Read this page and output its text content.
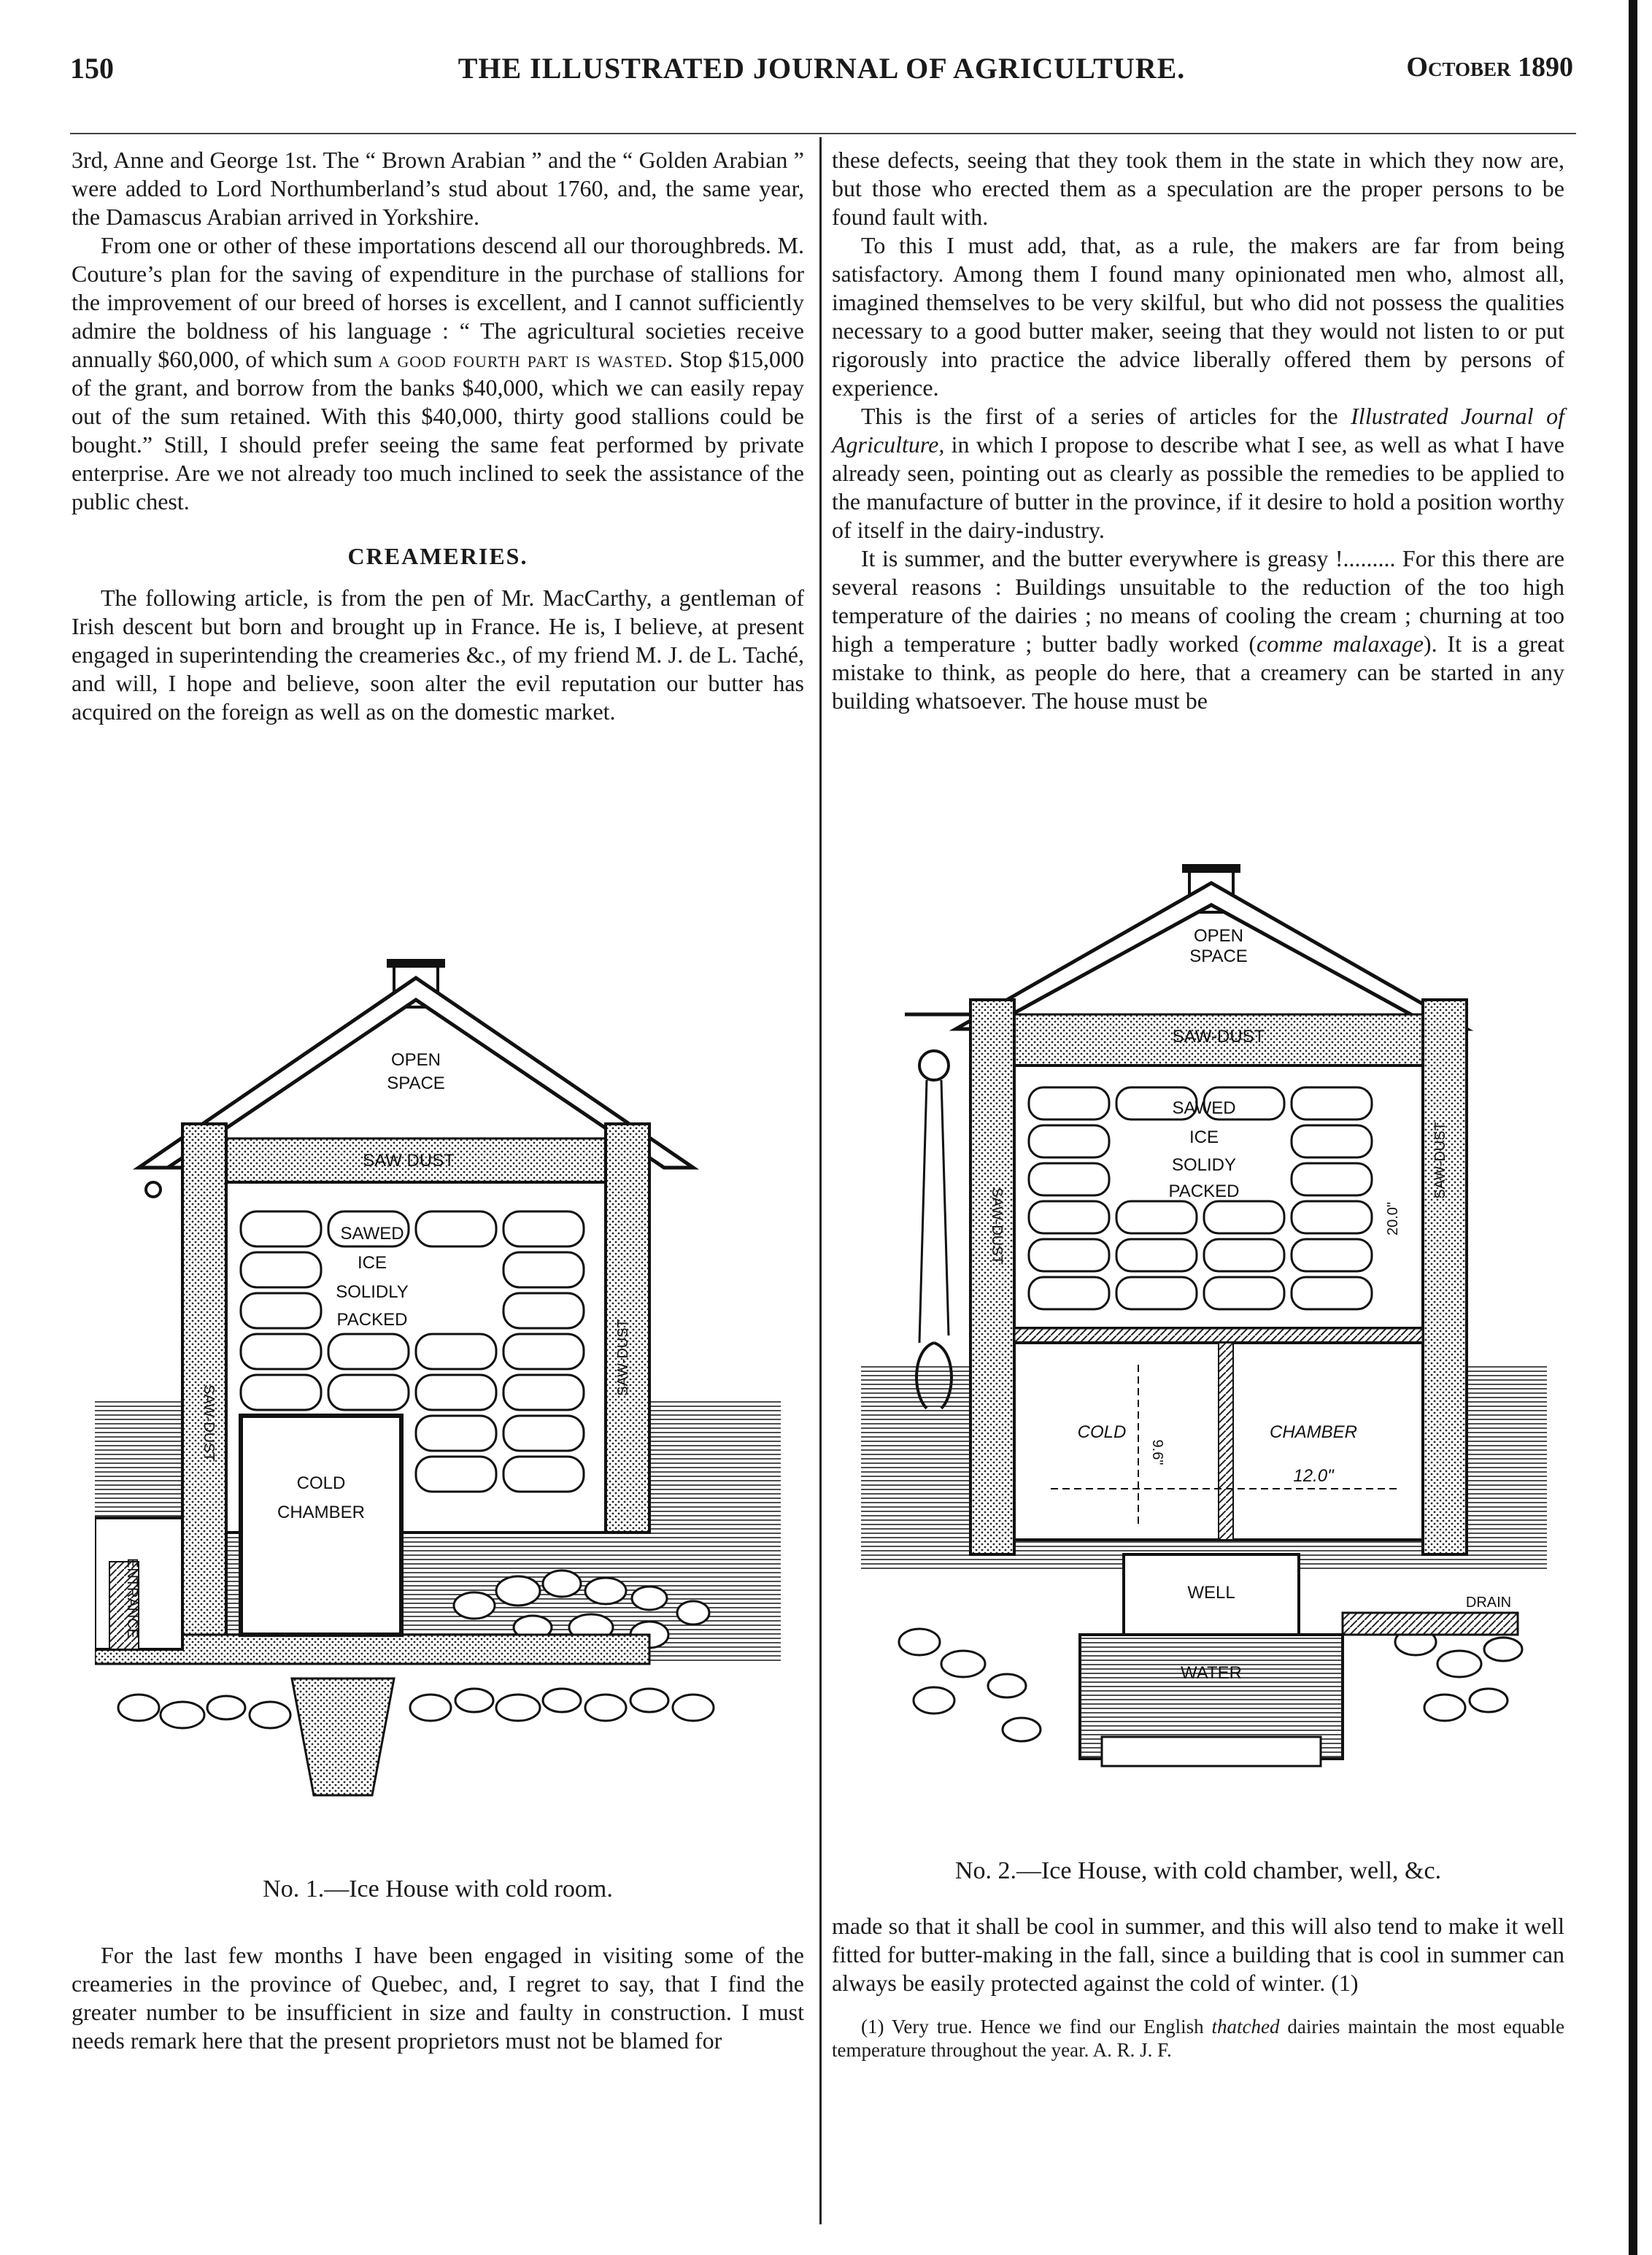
150	THE ILLUSTRATED JOURNAL OF AGRICULTURE.	October 1890

3rd, Anne and George 1st. The “ Brown Arabian ” and the “ Golden Arabian ” were added to Lord Northumberland’s stud about 1760, and, the same year, the Damascus Arabian arrived in Yorkshire.

From one or other of these importations descend all our thoroughbreds. M. Couture’s plan for the saving of expenditure in the purchase of stallions for the improvement of our breed of horses is excellent, and I cannot sufficiently admire the boldness of his language : “ The agricultural societies receive annually $60,000, of which sum a good fourth part is wasted. Stop $15,000 of the grant, and borrow from the banks $40,000, which we can easily repay out of the sum retained. With this $40,000, thirty good stallions could be bought.” Still, I should prefer seeing the same feat performed by private enterprise. Are we not already too much inclined to seek the assistance of the public chest.

CREAMERIES.

The following article, is from the pen of Mr. MacCarthy, a gentleman of Irish descent but born and brought up in France. He is, I believe, at present engaged in superintending the creameries &c., of my friend M. J. de L. Taché, and will, I hope and believe, soon alter the evil reputation our butter has acquired on the foreign as well as on the domestic market.

OPEN
SPACE
SAW DUST
SAWED
ICE
SOLIDLY
PACKED
COLD
CHAMBER
ENTRANCE
SAW-DUST
SAW-DUST
No. 1.—Ice House with cold room.

For the last few months I have been engaged in visiting some of the creameries in the province of Quebec, and, I regret to say, that I find the greater number to be insufficient in size and faulty in construction. I must needs remark here that the present proprietors must not be blamed for

these defects, seeing that they took them in the state in which they now are, but those who erected them as a speculation are the proper persons to be found fault with.

To this I must add, that, as a rule, the makers are far from being satisfactory. Among them I found many opinionated men who, almost all, imagined themselves to be very skilful, but who did not possess the qualities necessary to a good butter maker, seeing that they would not listen to or put rigorously into practice the advice liberally offered them by persons of experience.

This is the first of a series of articles for the Illustrated Journal of Agriculture, in which I propose to describe what I see, as well as what I have already seen, pointing out as clearly as possible the remedies to be applied to the manufacture of butter in the province, if it desire to hold a position worthy of itself in the dairy-industry.

It is summer, and the butter everywhere is greasy !......... For this there are several reasons : Buildings unsuitable to the reduction of the too high temperature of the dairies ; no means of cooling the cream ; churning at too high a temperature ; butter badly worked (comme malaxage). It is a great mistake to think, as people do here, that a creamery can be started in any building whatsoever. The house must be

OPEN
SPACE
SAW-DUST
SAWED
ICE
SOLIDY
PACKED
SAW-DUST	20.0"
SAW-DUST
COLD	CHAMBER
12.0"
9.6"
WELL
WATER
DRAIN
No. 2.—Ice House, with cold chamber, well, &c.

made so that it shall be cool in summer, and this will also tend to make it well fitted for butter-making in the fall, since a building that is cool in summer can always be easily protected against the cold of winter. (1)

(1) Very true. Hence we find our English thatched dairies maintain the most equable temperature throughout the year. A. R. J. F.
